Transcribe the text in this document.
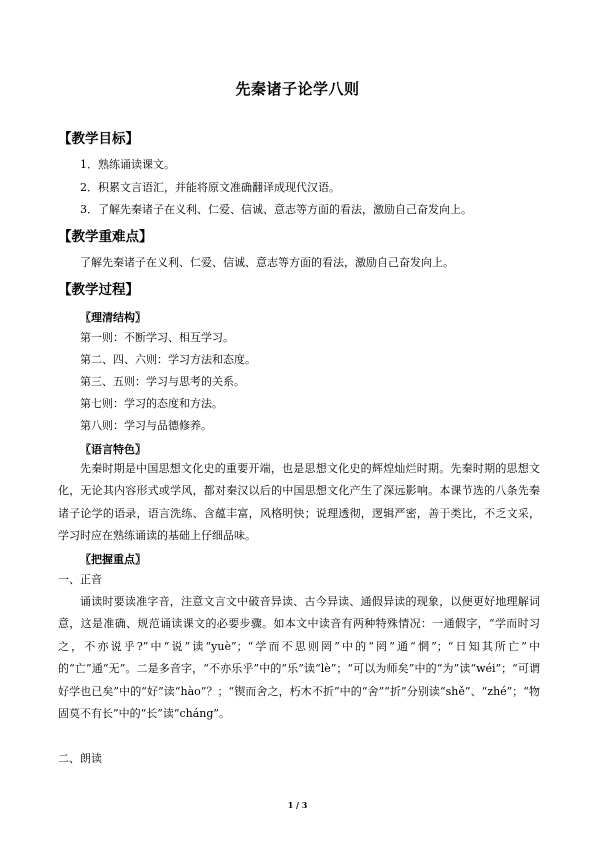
先秦诸子论学八则
【教学目标】
1．熟练诵读课文。
2．积累文言语汇，并能将原文准确翻译成现代汉语。
3．了解先秦诸子在义利、仁爱、信诚、意志等方面的看法，激励自己奋发向上。
【教学重难点】
了解先秦诸子在义利、仁爱、信诚、意志等方面的看法，激励自己奋发向上。
【教学过程】
〖理清结构〗
第一则：不断学习、相互学习。
第二、四、六则：学习方法和态度。
第三、五则：学习与思考的关系。
第七则：学习的态度和方法。
第八则：学习与品德修养。
〖语言特色〗
先秦时期是中国思想文化史的重要开端，也是思想文化史的辉煌灿烂时期。先秦时期的思想文化，无论其内容形式或学风，都对秦汉以后的中国思想文化产生了深远影响。本课节选的八条先秦诸子论学的语录，语言洗练、含蕴丰富，风格明快；说理透彻，逻辑严密，善于类比，不乏文采，学习时应在熟练诵读的基础上仔细品味。
〖把握重点〗
一、正音
诵读时要读准字音，注意文言文中破音异读、古今异读、通假异读的现象，以便更好地理解词意，这是准确、规范诵读课文的必要步骤。如本文中读音有两种特殊情况：一通假字，“学而时习之，不亦说乎?”中“说”读“yuè”；“学而不思则罔”中的“罔”通“惘”；“日知其所亡”中的“亡”通“无”。二是多音字，“不亦乐乎”中的“乐”读“lè”；“可以为师矣”中的“为”读“wéi”；“可谓好学也已矣”中的“好”读“hào”？；“锲而舍之，朽木不折”中的“舍”“折”分别读“shě”、“zhé”；“物固莫不有长”中的“长”读“cháng”。
二、朗读
1 / 3
